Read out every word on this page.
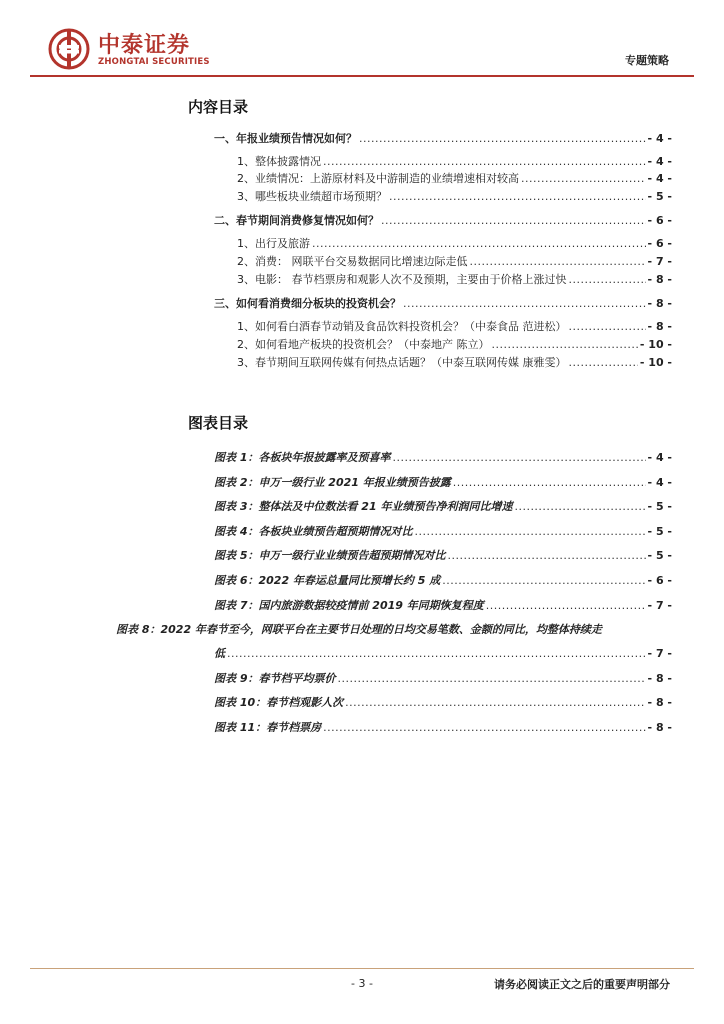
中泰证券
ZHONGTAI SECURITIES	专题策略
内容目录
一、年报业绩预告情况如何？ .....	- 4 -
1、整体披露情况 .....	- 4 -
2、业绩情况：上游原材料及中游制造的业绩增速相对较高 .....	- 4 -
3、哪些板块业绩超市场预期？ .....	- 5 -
二、春节期间消费修复情况如何？ .....	- 6 -
1、出行及旅游 .....	- 6 -
2、消费： 网联平台交易数据同比增速边际走低 .....	- 7 -
3、电影： 春节档票房和观影人次不及预期，主要由于价格上涨过快 .....	- 8 -
三、如何看消费细分板块的投资机会？ .....	- 8 -
1、如何看白酒春节动销及食品饮料投资机会？（中泰食品 范进松） .....	- 8 -
2、如何看地产板块的投资机会？（中泰地产 陈立） .....	- 10 -
3、春节期间互联网传媒有何热点话题？（中泰互联网传媒 康雅雯） .....	- 10 -
图表目录
图表 1：各板块年报披露率及预喜率 .....	- 4 -
图表 2：申万一级行业 2021 年报业绩预告披露 .....	- 4 -
图表 3：整体法及中位数法看 21 年业绩预告净利润同比增速 .....	- 5 -
图表 4：各板块业绩预告超预期情况对比 .....	- 5 -
图表 5：申万一级行业业绩预告超预期情况对比 .....	- 5 -
图表 6：2022 年春运总量同比预增长约 5 成 .....	- 6 -
图表 7：国内旅游数据较疫情前 2019 年同期恢复程度 .....	- 7 -
图表 8：2022 年春节至今，网联平台在主要节日处理的日均交易笔数、金额的同比，均整体持续走
低 .....	- 7 -
图表 9：春节档平均票价 .....	- 8 -
图表 10：春节档观影人次 .....	- 8 -
图表 11：春节档票房 .....	- 8 -
- 3 -	请务必阅读正文之后的重要声明部分
